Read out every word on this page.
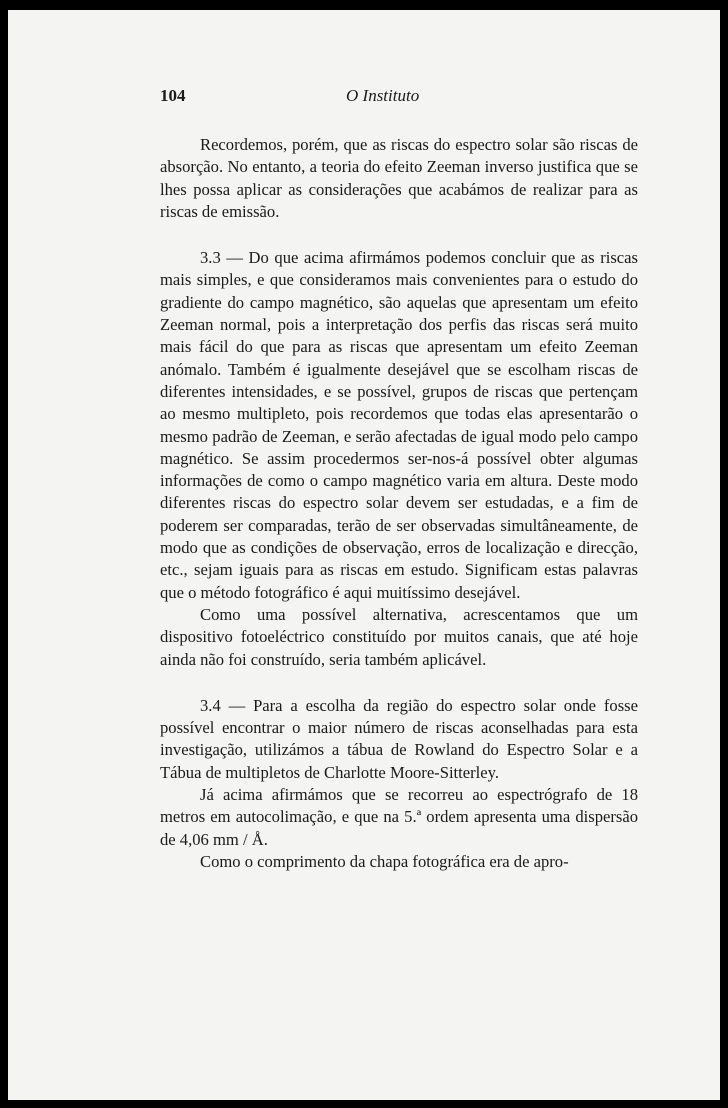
104	O Instituto

Recordemos, porém, que as riscas do espectro solar são riscas de absorção. No entanto, a teoria do efeito Zeeman inverso justifica que se lhes possa aplicar as considerações que acabámos de realizar para as riscas de emissão.

3.3 — Do que acima afirmámos podemos concluir que as riscas mais simples, e que consideramos mais convenientes para o estudo do gradiente do campo magnético, são aquelas que apresentam um efeito Zeeman normal, pois a interpretação dos perfis das riscas será muito mais fácil do que para as riscas que apresentam um efeito Zeeman anómalo. Também é igualmente desejável que se escolham riscas de diferentes intensidades, e se possível, grupos de riscas que pertençam ao mesmo multipleto, pois recordemos que todas elas apresentarão o mesmo padrão de Zeeman, e serão afectadas de igual modo pelo campo magnético. Se assim procedermos ser-nos-á possível obter algumas informações de como o campo magnético varia em altura. Deste modo diferentes riscas do espectro solar devem ser estudadas, e a fim de poderem ser comparadas, terão de ser observadas simultâneamente, de modo que as condições de observação, erros de localização e direcção, etc., sejam iguais para as riscas em estudo. Significam estas palavras que o método fotográfico é aqui muitíssimo desejável.

Como uma possível alternativa, acrescentamos que um dispositivo fotoeléctrico constituído por muitos canais, que até hoje ainda não foi construído, seria também aplicável.

3.4 — Para a escolha da região do espectro solar onde fosse possível encontrar o maior número de riscas aconselhadas para esta investigação, utilizámos a tábua de Rowland do Espectro Solar e a Tábua de multipletos de Charlotte Moore-Sitterley.

Já acima afirmámos que se recorreu ao espectrógrafo de 18 metros em autocolimação, e que na 5.ª ordem apresenta uma dispersão de 4,06 mm / Å.

Como o comprimento da chapa fotográfica era de apro-
